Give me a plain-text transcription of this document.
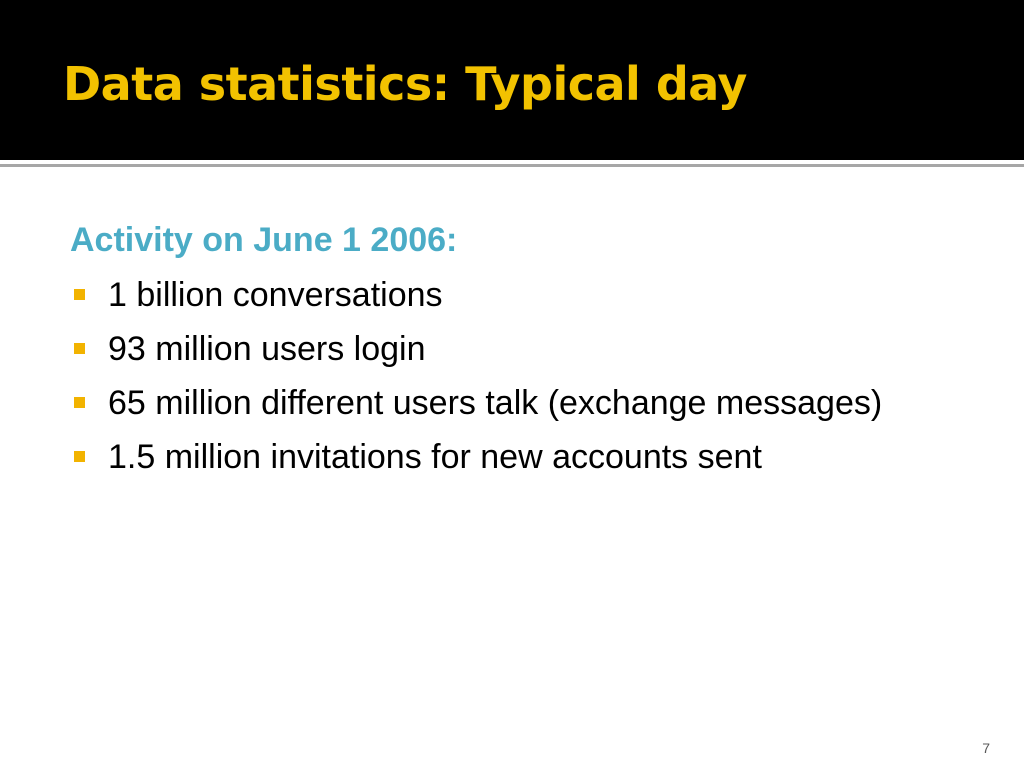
Data statistics: Typical day
Activity on June 1 2006:
1 billion conversations
93 million users login
65 million different users talk (exchange messages)
1.5 million invitations for new accounts sent
7
